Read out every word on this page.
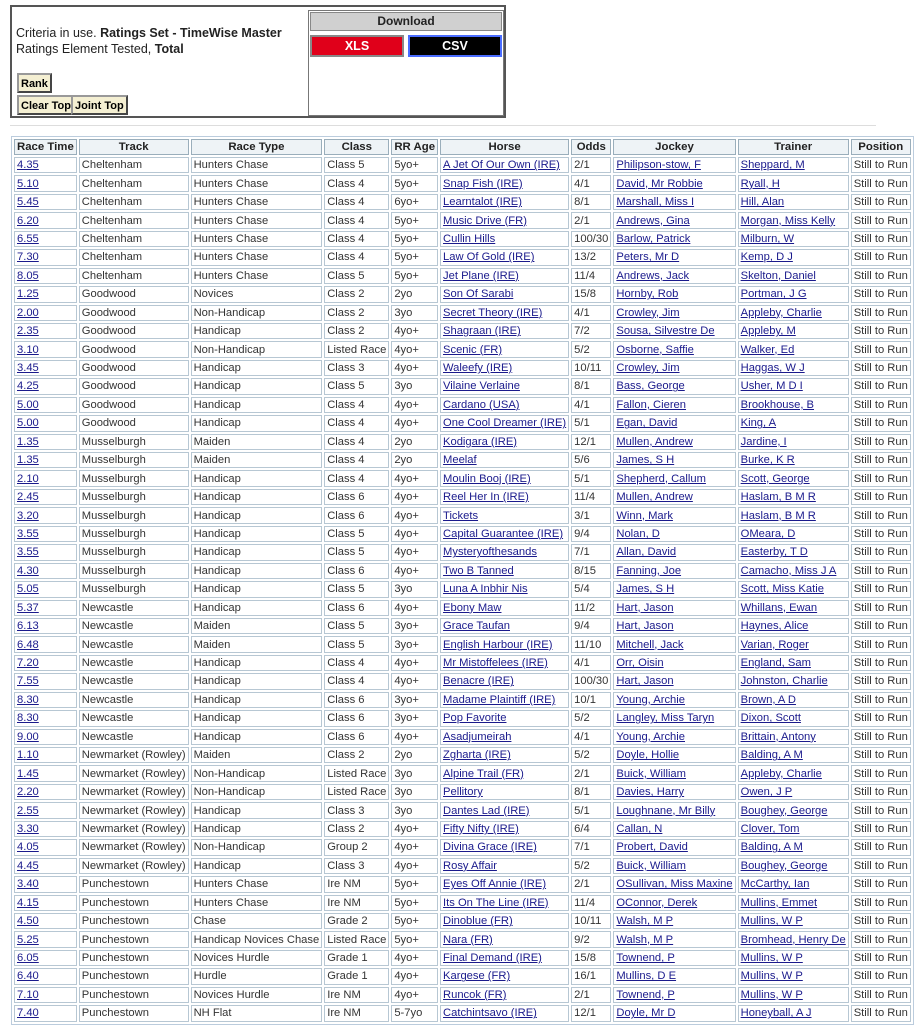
Criteria in use. Ratings Set - TimeWise Master
Ratings Element Tested, Total
Rank
Clear Top Joint Top
Download
XLS	CSV
Race Time	Track	Race Type	Class	RR Age	Horse	Odds	Jockey	Trainer	Position
4.35	Cheltenham	Hunters Chase	Class 5	5yo+	A Jet Of Our Own (IRE)	2/1	Philipson-stow, F	Sheppard, M	Still to Run
5.10	Cheltenham	Hunters Chase	Class 4	5yo+	Snap Fish (IRE)	4/1	David, Mr Robbie	Ryall, H	Still to Run
5.45	Cheltenham	Hunters Chase	Class 4	6yo+	Learntalot (IRE)	8/1	Marshall, Miss I	Hill, Alan	Still to Run
6.20	Cheltenham	Hunters Chase	Class 4	5yo+	Music Drive (FR)	2/1	Andrews, Gina	Morgan, Miss Kelly	Still to Run
6.55	Cheltenham	Hunters Chase	Class 4	5yo+	Cullin Hills	100/30	Barlow, Patrick	Milburn, W	Still to Run
7.30	Cheltenham	Hunters Chase	Class 4	5yo+	Law Of Gold (IRE)	13/2	Peters, Mr D	Kemp, D J	Still to Run
8.05	Cheltenham	Hunters Chase	Class 5	5yo+	Jet Plane (IRE)	11/4	Andrews, Jack	Skelton, Daniel	Still to Run
1.25	Goodwood	Novices	Class 2	2yo	Son Of Sarabi	15/8	Hornby, Rob	Portman, J G	Still to Run
2.00	Goodwood	Non-Handicap	Class 2	3yo	Secret Theory (IRE)	4/1	Crowley, Jim	Appleby, Charlie	Still to Run
2.35	Goodwood	Handicap	Class 2	4yo+	Shagraan (IRE)	7/2	Sousa, Silvestre De	Appleby, M	Still to Run
3.10	Goodwood	Non-Handicap	Listed Race	4yo+	Scenic (FR)	5/2	Osborne, Saffie	Walker, Ed	Still to Run
3.45	Goodwood	Handicap	Class 3	4yo+	Waleefy (IRE)	10/11	Crowley, Jim	Haggas, W J	Still to Run
4.25	Goodwood	Handicap	Class 5	3yo	Vilaine Verlaine	8/1	Bass, George	Usher, M D I	Still to Run
5.00	Goodwood	Handicap	Class 4	4yo+	Cardano (USA)	4/1	Fallon, Cieren	Brookhouse, B	Still to Run
5.00	Goodwood	Handicap	Class 4	4yo+	One Cool Dreamer (IRE)	5/1	Egan, David	King, A	Still to Run
1.35	Musselburgh	Maiden	Class 4	2yo	Kodigara (IRE)	12/1	Mullen, Andrew	Jardine, I	Still to Run
1.35	Musselburgh	Maiden	Class 4	2yo	Meelaf	5/6	James, S H	Burke, K R	Still to Run
2.10	Musselburgh	Handicap	Class 4	4yo+	Moulin Booj (IRE)	5/1	Shepherd, Callum	Scott, George	Still to Run
2.45	Musselburgh	Handicap	Class 6	4yo+	Reel Her In (IRE)	11/4	Mullen, Andrew	Haslam, B M R	Still to Run
3.20	Musselburgh	Handicap	Class 6	4yo+	Tickets	3/1	Winn, Mark	Haslam, B M R	Still to Run
3.55	Musselburgh	Handicap	Class 5	4yo+	Capital Guarantee (IRE)	9/4	Nolan, D	OMeara, D	Still to Run
3.55	Musselburgh	Handicap	Class 5	4yo+	Mysteryofthesands	7/1	Allan, David	Easterby, T D	Still to Run
4.30	Musselburgh	Handicap	Class 6	4yo+	Two B Tanned	8/15	Fanning, Joe	Camacho, Miss J A	Still to Run
5.05	Musselburgh	Handicap	Class 5	3yo	Luna A Inbhir Nis	5/4	James, S H	Scott, Miss Katie	Still to Run
5.37	Newcastle	Handicap	Class 6	4yo+	Ebony Maw	11/2	Hart, Jason	Whillans, Ewan	Still to Run
6.13	Newcastle	Maiden	Class 5	3yo+	Grace Taufan	9/4	Hart, Jason	Haynes, Alice	Still to Run
6.48	Newcastle	Maiden	Class 5	3yo+	English Harbour (IRE)	11/10	Mitchell, Jack	Varian, Roger	Still to Run
7.20	Newcastle	Handicap	Class 4	4yo+	Mr Mistoffelees (IRE)	4/1	Orr, Oisin	England, Sam	Still to Run
7.55	Newcastle	Handicap	Class 4	4yo+	Benacre (IRE)	100/30	Hart, Jason	Johnston, Charlie	Still to Run
8.30	Newcastle	Handicap	Class 6	3yo+	Madame Plaintiff (IRE)	10/1	Young, Archie	Brown, A D	Still to Run
8.30	Newcastle	Handicap	Class 6	3yo+	Pop Favorite	5/2	Langley, Miss Taryn	Dixon, Scott	Still to Run
9.00	Newcastle	Handicap	Class 6	4yo+	Asadjumeirah	4/1	Young, Archie	Brittain, Antony	Still to Run
1.10	Newmarket (Rowley)	Maiden	Class 2	2yo	Zgharta (IRE)	5/2	Doyle, Hollie	Balding, A M	Still to Run
1.45	Newmarket (Rowley)	Non-Handicap	Listed Race	3yo	Alpine Trail (FR)	2/1	Buick, William	Appleby, Charlie	Still to Run
2.20	Newmarket (Rowley)	Non-Handicap	Listed Race	3yo	Pellitory	8/1	Davies, Harry	Owen, J P	Still to Run
2.55	Newmarket (Rowley)	Handicap	Class 3	3yo	Dantes Lad (IRE)	5/1	Loughnane, Mr Billy	Boughey, George	Still to Run
3.30	Newmarket (Rowley)	Handicap	Class 2	4yo+	Fifty Nifty (IRE)	6/4	Callan, N	Clover, Tom	Still to Run
4.05	Newmarket (Rowley)	Non-Handicap	Group 2	4yo+	Divina Grace (IRE)	7/1	Probert, David	Balding, A M	Still to Run
4.45	Newmarket (Rowley)	Handicap	Class 3	4yo+	Rosy Affair	5/2	Buick, William	Boughey, George	Still to Run
3.40	Punchestown	Hunters Chase	Ire NM	5yo+	Eyes Off Annie (IRE)	2/1	OSullivan, Miss Maxine	McCarthy, Ian	Still to Run
4.15	Punchestown	Hunters Chase	Ire NM	5yo+	Its On The Line (IRE)	11/4	OConnor, Derek	Mullins, Emmet	Still to Run
4.50	Punchestown	Chase	Grade 2	5yo+	Dinoblue (FR)	10/11	Walsh, M P	Mullins, W P	Still to Run
5.25	Punchestown	Handicap Novices Chase	Listed Race	5yo+	Nara (FR)	9/2	Walsh, M P	Bromhead, Henry De	Still to Run
6.05	Punchestown	Novices Hurdle	Grade 1	4yo+	Final Demand (IRE)	15/8	Townend, P	Mullins, W P	Still to Run
6.40	Punchestown	Hurdle	Grade 1	4yo+	Kargese (FR)	16/1	Mullins, D E	Mullins, W P	Still to Run
7.10	Punchestown	Novices Hurdle	Ire NM	4yo+	Runcok (FR)	2/1	Townend, P	Mullins, W P	Still to Run
7.40	Punchestown	NH Flat	Ire NM	5-7yo	Catchintsavo (IRE)	12/1	Doyle, Mr D	Honeyball, A J	Still to Run
